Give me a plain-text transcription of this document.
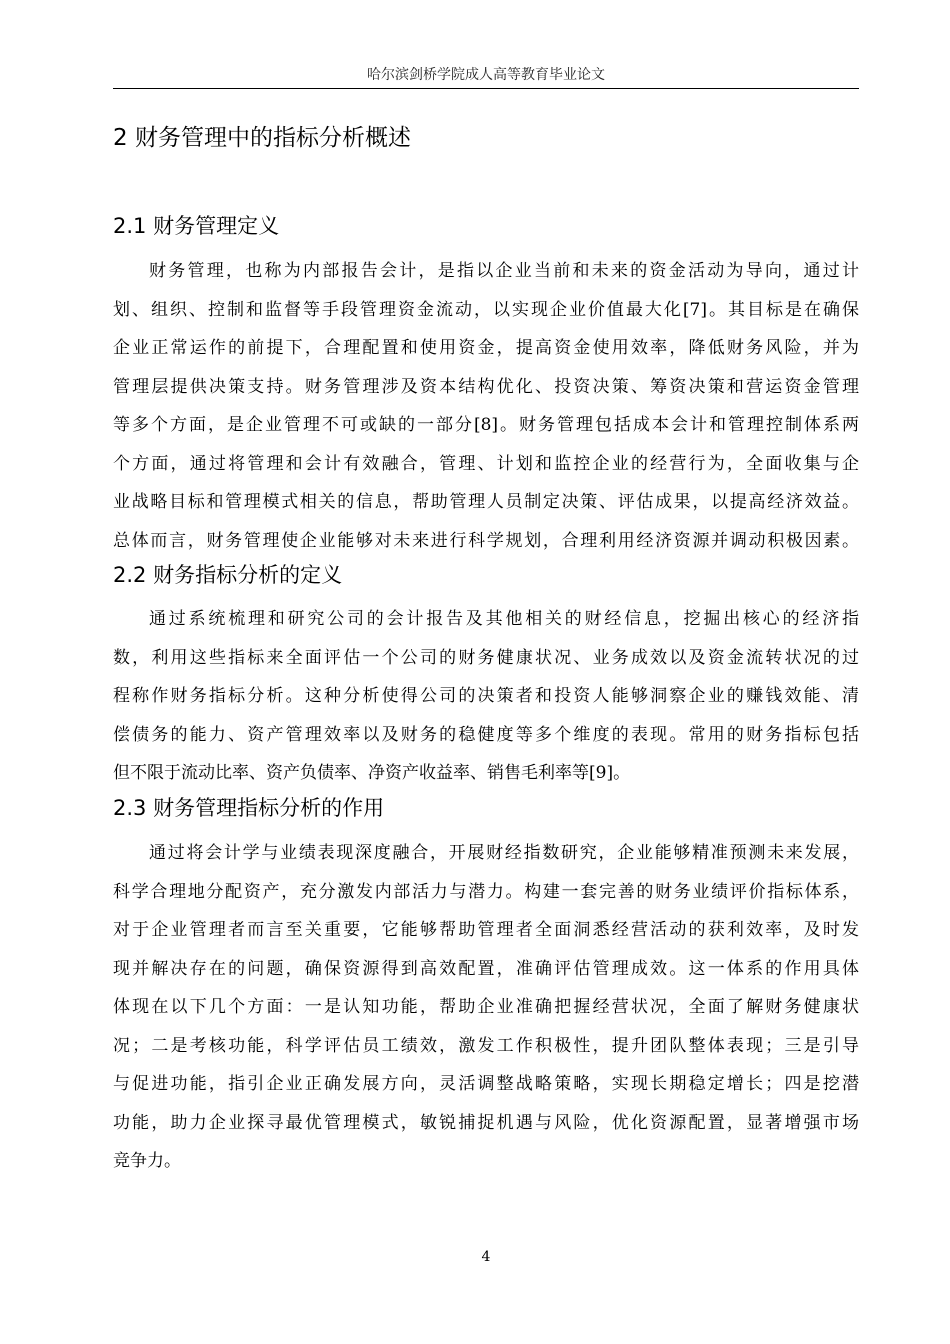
哈尔滨剑桥学院成人高等教育毕业论文
2 财务管理中的指标分析概述
2.1 财务管理定义
财务管理，也称为内部报告会计，是指以企业当前和未来的资金活动为导向，通过计
划、组织、控制和监督等手段管理资金流动，以实现企业价值最大化[7]。其目标是在确保
企业正常运作的前提下，合理配置和使用资金，提高资金使用效率，降低财务风险，并为
管理层提供决策支持。财务管理涉及资本结构优化、投资决策、筹资决策和营运资金管理
等多个方面，是企业管理不可或缺的一部分[8]。财务管理包括成本会计和管理控制体系两
个方面，通过将管理和会计有效融合，管理、计划和监控企业的经营行为，全面收集与企
业战略目标和管理模式相关的信息，帮助管理人员制定决策、评估成果，以提高经济效益。
总体而言，财务管理使企业能够对未来进行科学规划，合理利用经济资源并调动积极因素。
2.2 财务指标分析的定义
通过系统梳理和研究公司的会计报告及其他相关的财经信息，挖掘出核心的经济指
数，利用这些指标来全面评估一个公司的财务健康状况、业务成效以及资金流转状况的过
程称作财务指标分析。这种分析使得公司的决策者和投资人能够洞察企业的赚钱效能、清
偿债务的能力、资产管理效率以及财务的稳健度等多个维度的表现。常用的财务指标包括
但不限于流动比率、资产负债率、净资产收益率、销售毛利率等[9]。
2.3 财务管理指标分析的作用
通过将会计学与业绩表现深度融合，开展财经指数研究，企业能够精准预测未来发展，
科学合理地分配资产，充分激发内部活力与潜力。构建一套完善的财务业绩评价指标体系，
对于企业管理者而言至关重要，它能够帮助管理者全面洞悉经营活动的获利效率，及时发
现并解决存在的问题，确保资源得到高效配置，准确评估管理成效。这一体系的作用具体
体现在以下几个方面：一是认知功能，帮助企业准确把握经营状况，全面了解财务健康状
况；二是考核功能，科学评估员工绩效，激发工作积极性，提升团队整体表现；三是引导
与促进功能，指引企业正确发展方向，灵活调整战略策略，实现长期稳定增长；四是挖潜
功能，助力企业探寻最优管理模式，敏锐捕捉机遇与风险，优化资源配置，显著增强市场
竞争力。
4
